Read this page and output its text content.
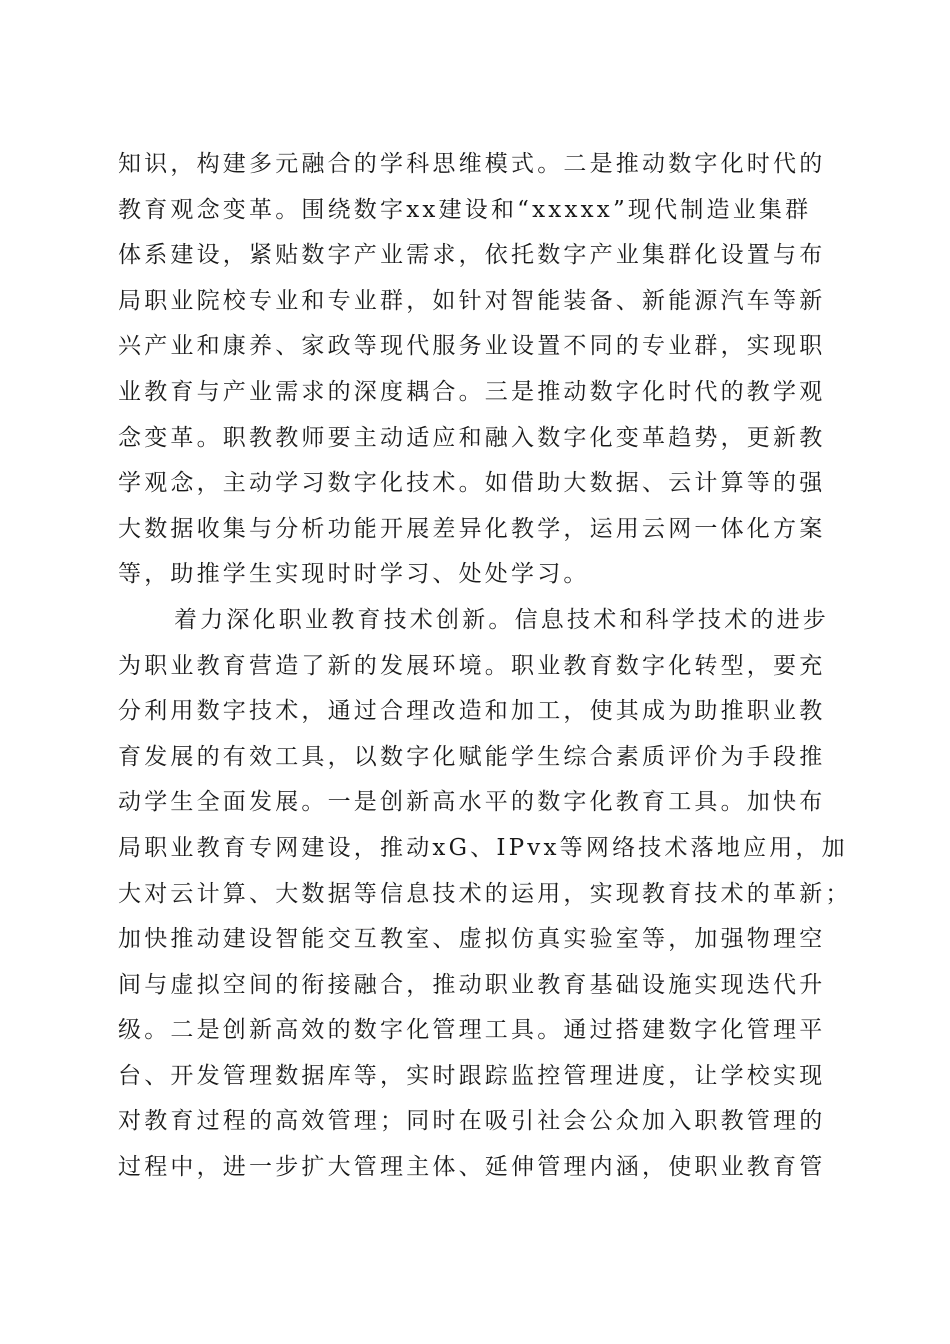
知识，构建多元融合的学科思维模式。二是推动数字化时代的
教育观念变革。围绕数字xx建设和“xxxxx”现代制造业集群
体系建设，紧贴数字产业需求，依托数字产业集群化设置与布
局职业院校专业和专业群，如针对智能装备、新能源汽车等新
兴产业和康养、家政等现代服务业设置不同的专业群，实现职
业教育与产业需求的深度耦合。三是推动数字化时代的教学观
念变革。职教教师要主动适应和融入数字化变革趋势，更新教
学观念，主动学习数字化技术。如借助大数据、云计算等的强
大数据收集与分析功能开展差异化教学，运用云网一体化方案
等，助推学生实现时时学习、处处学习。
着力深化职业教育技术创新。信息技术和科学技术的进步
为职业教育营造了新的发展环境。职业教育数字化转型，要充
分利用数字技术，通过合理改造和加工，使其成为助推职业教
育发展的有效工具，以数字化赋能学生综合素质评价为手段推
动学生全面发展。一是创新高水平的数字化教育工具。加快布
局职业教育专网建设，推动xG、IPvx等网络技术落地应用，加
大对云计算、大数据等信息技术的运用，实现教育技术的革新；
加快推动建设智能交互教室、虚拟仿真实验室等，加强物理空
间与虚拟空间的衔接融合，推动职业教育基础设施实现迭代升
级。二是创新高效的数字化管理工具。通过搭建数字化管理平
台、开发管理数据库等，实时跟踪监控管理进度，让学校实现
对教育过程的高效管理；同时在吸引社会公众加入职教管理的
过程中，进一步扩大管理主体、延伸管理内涵，使职业教育管
